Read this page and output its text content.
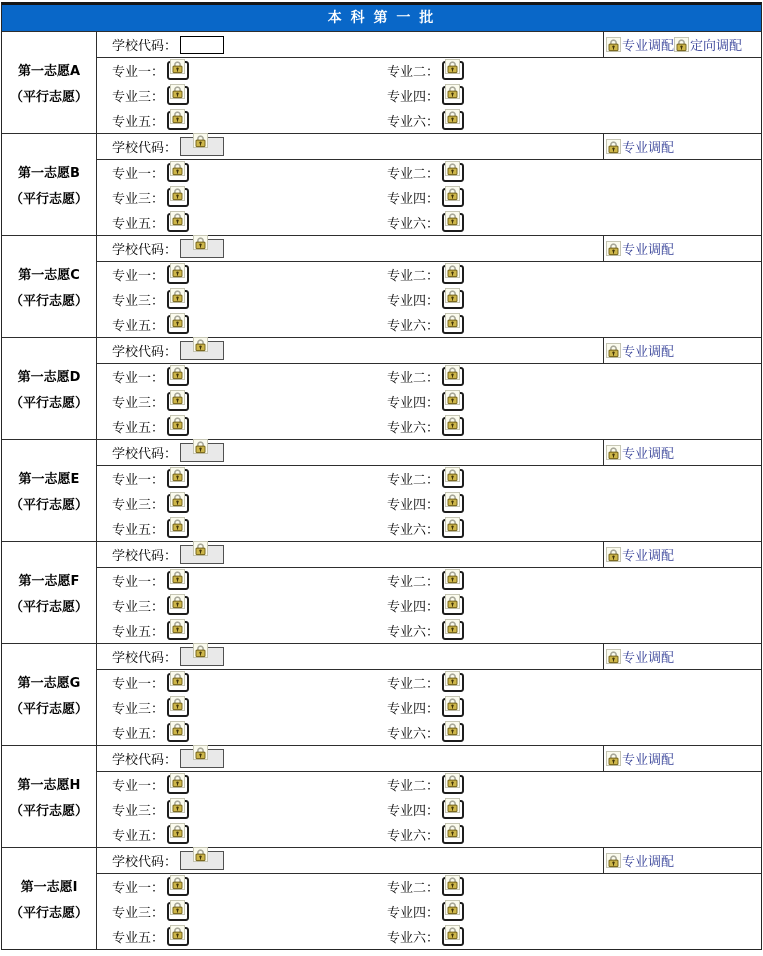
本 科 第 一 批
第一志愿A
（平行志愿）
学校代码：	专业调配 定向调配
专业一：	专业二：
专业三：	专业四：
专业五：	专业六：
第一志愿B
（平行志愿）
学校代码：	专业调配
专业一：	专业二：
专业三：	专业四：
专业五：	专业六：
第一志愿C
（平行志愿）
学校代码：	专业调配
专业一：	专业二：
专业三：	专业四：
专业五：	专业六：
第一志愿D
（平行志愿）
学校代码：	专业调配
专业一：	专业二：
专业三：	专业四：
专业五：	专业六：
第一志愿E
（平行志愿）
学校代码：	专业调配
专业一：	专业二：
专业三：	专业四：
专业五：	专业六：
第一志愿F
（平行志愿）
学校代码：	专业调配
专业一：	专业二：
专业三：	专业四：
专业五：	专业六：
第一志愿G
（平行志愿）
学校代码：	专业调配
专业一：	专业二：
专业三：	专业四：
专业五：	专业六：
第一志愿H
（平行志愿）
学校代码：	专业调配
专业一：	专业二：
专业三：	专业四：
专业五：	专业六：
第一志愿I
（平行志愿）
学校代码：	专业调配
专业一：	专业二：
专业三：	专业四：
专业五：	专业六：
